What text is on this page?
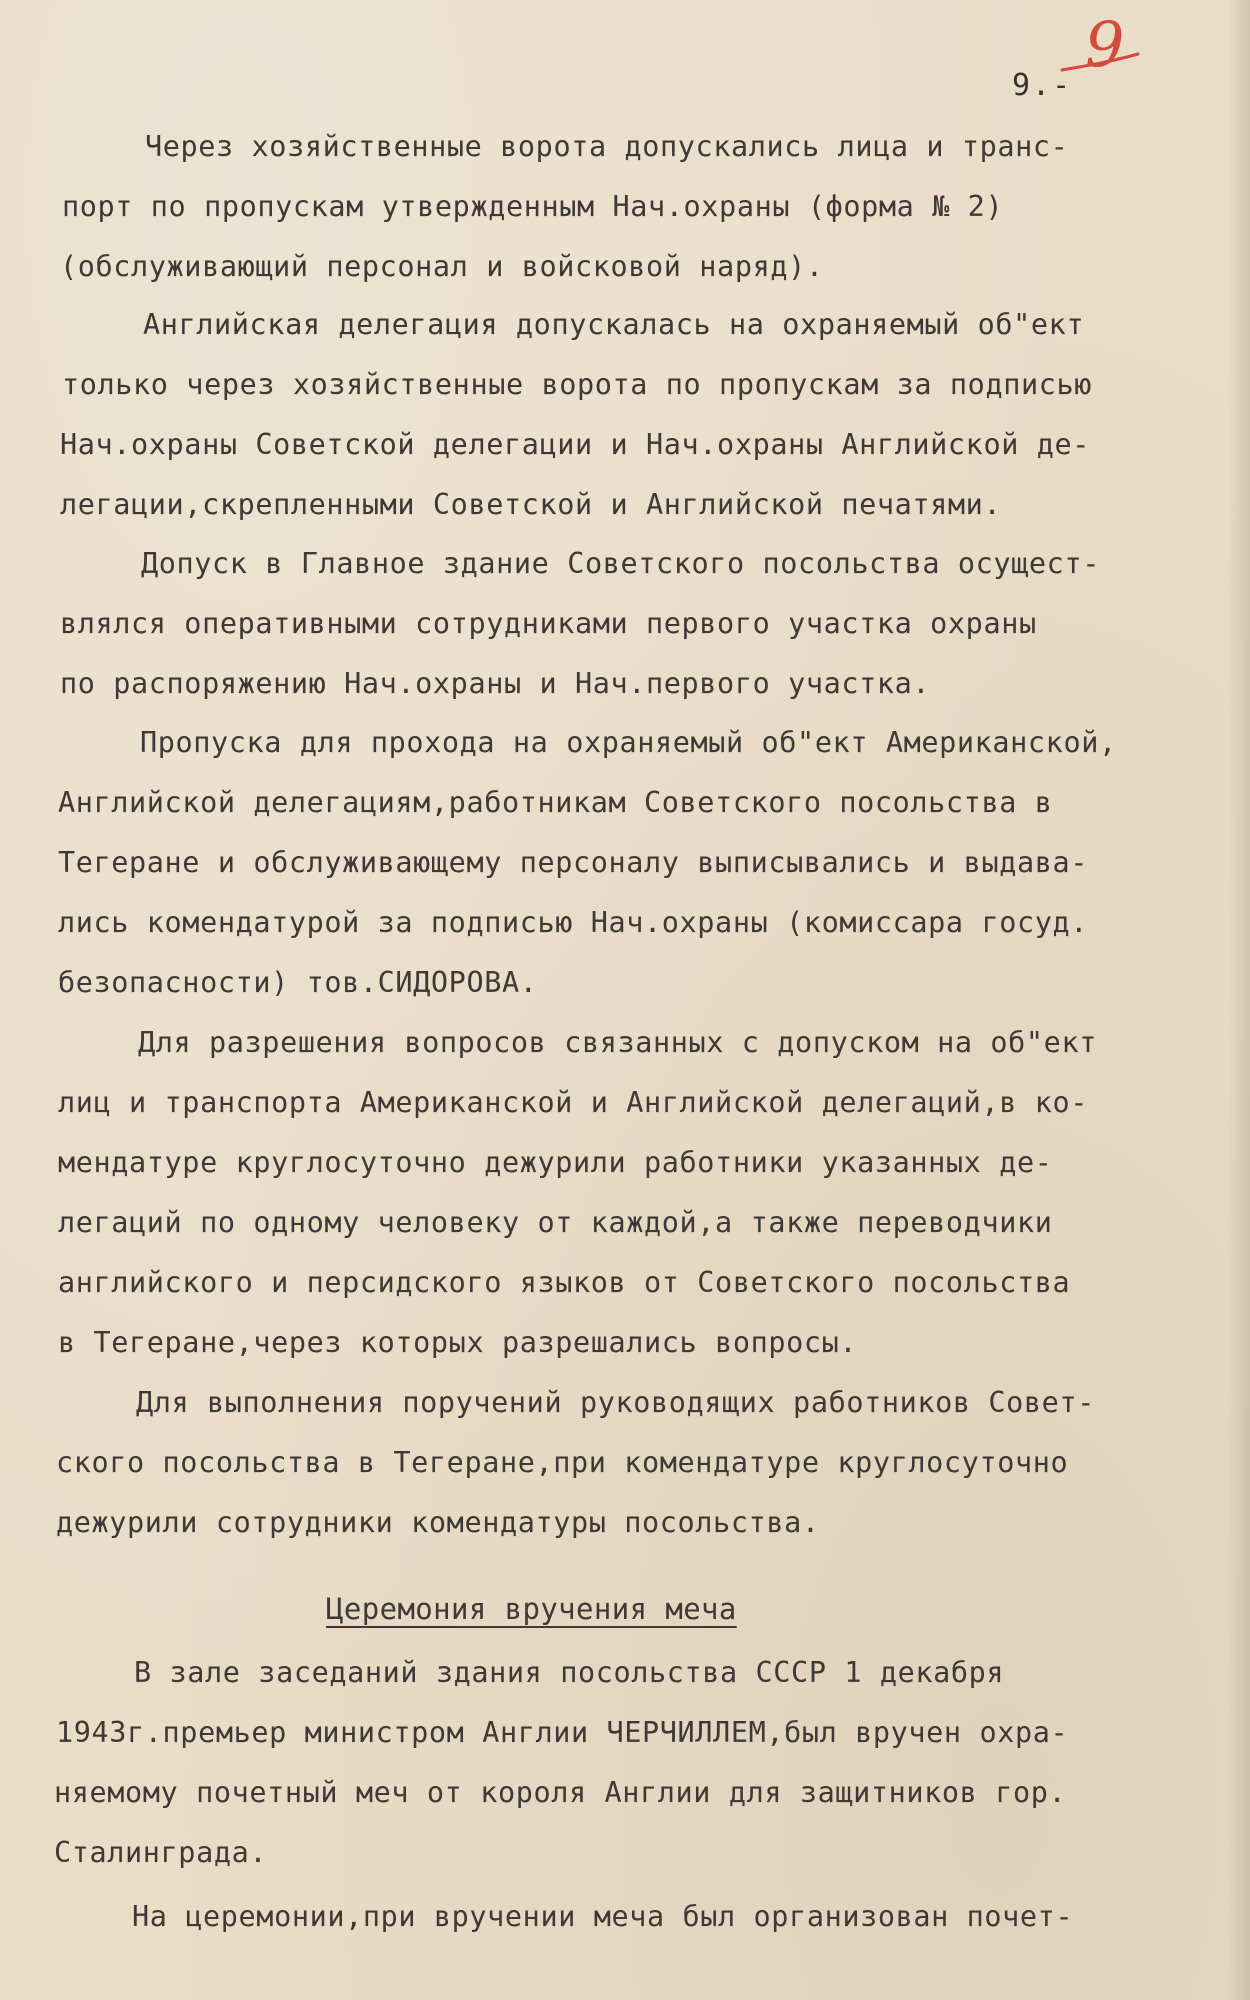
9.-
9
Через хозяйственные ворота допускались лица и транс-
порт по пропускам утвержденным Нач.охраны (форма № 2)
(обслуживающий персонал и войсковой наряд).
Английская делегация допускалась на охраняемый об"ект
только через хозяйственные ворота по пропускам за подписью
Нач.охраны Советской делегации и Нач.охраны Английской де-
легации,скрепленными Советской и Английской печатями.
Допуск в Главное здание Советского посольства осущест-
влялся оперативными сотрудниками первого участка охраны
по распоряжению Нач.охраны и Нач.первого участка.
Пропуска для прохода на охраняемый об"ект Американской,
Английской делегациям,работникам Советского посольства в
Тегеране и обслуживающему персоналу выписывались и выдава-
лись комендатурой за подписью Нач.охраны (комиссара госуд.
безопасности) тов.СИДОРОВА.
Для разрешения вопросов связанных с допуском на об"ект
лиц и транспорта Американской и Английской делегаций,в ко-
мендатуре круглосуточно дежурили работники указанных де-
легаций по одному человеку от каждой,а также переводчики
английского и персидского языков от Советского посольства
в Тегеране,через которых разрешались вопросы.
Для выполнения поручений руководящих работников Совет-
ского посольства в Тегеране,при комендатуре круглосуточно
дежурили сотрудники комендатуры посольства.
Церемония вручения меча
В зале заседаний здания посольства СССР 1 декабря
1943г.премьер министром Англии ЧЕРЧИЛЛЕМ,был вручен охра-
няемому почетный меч от короля Англии для защитников гор.
Сталинграда.
На церемонии,при вручении меча был организован почет-
